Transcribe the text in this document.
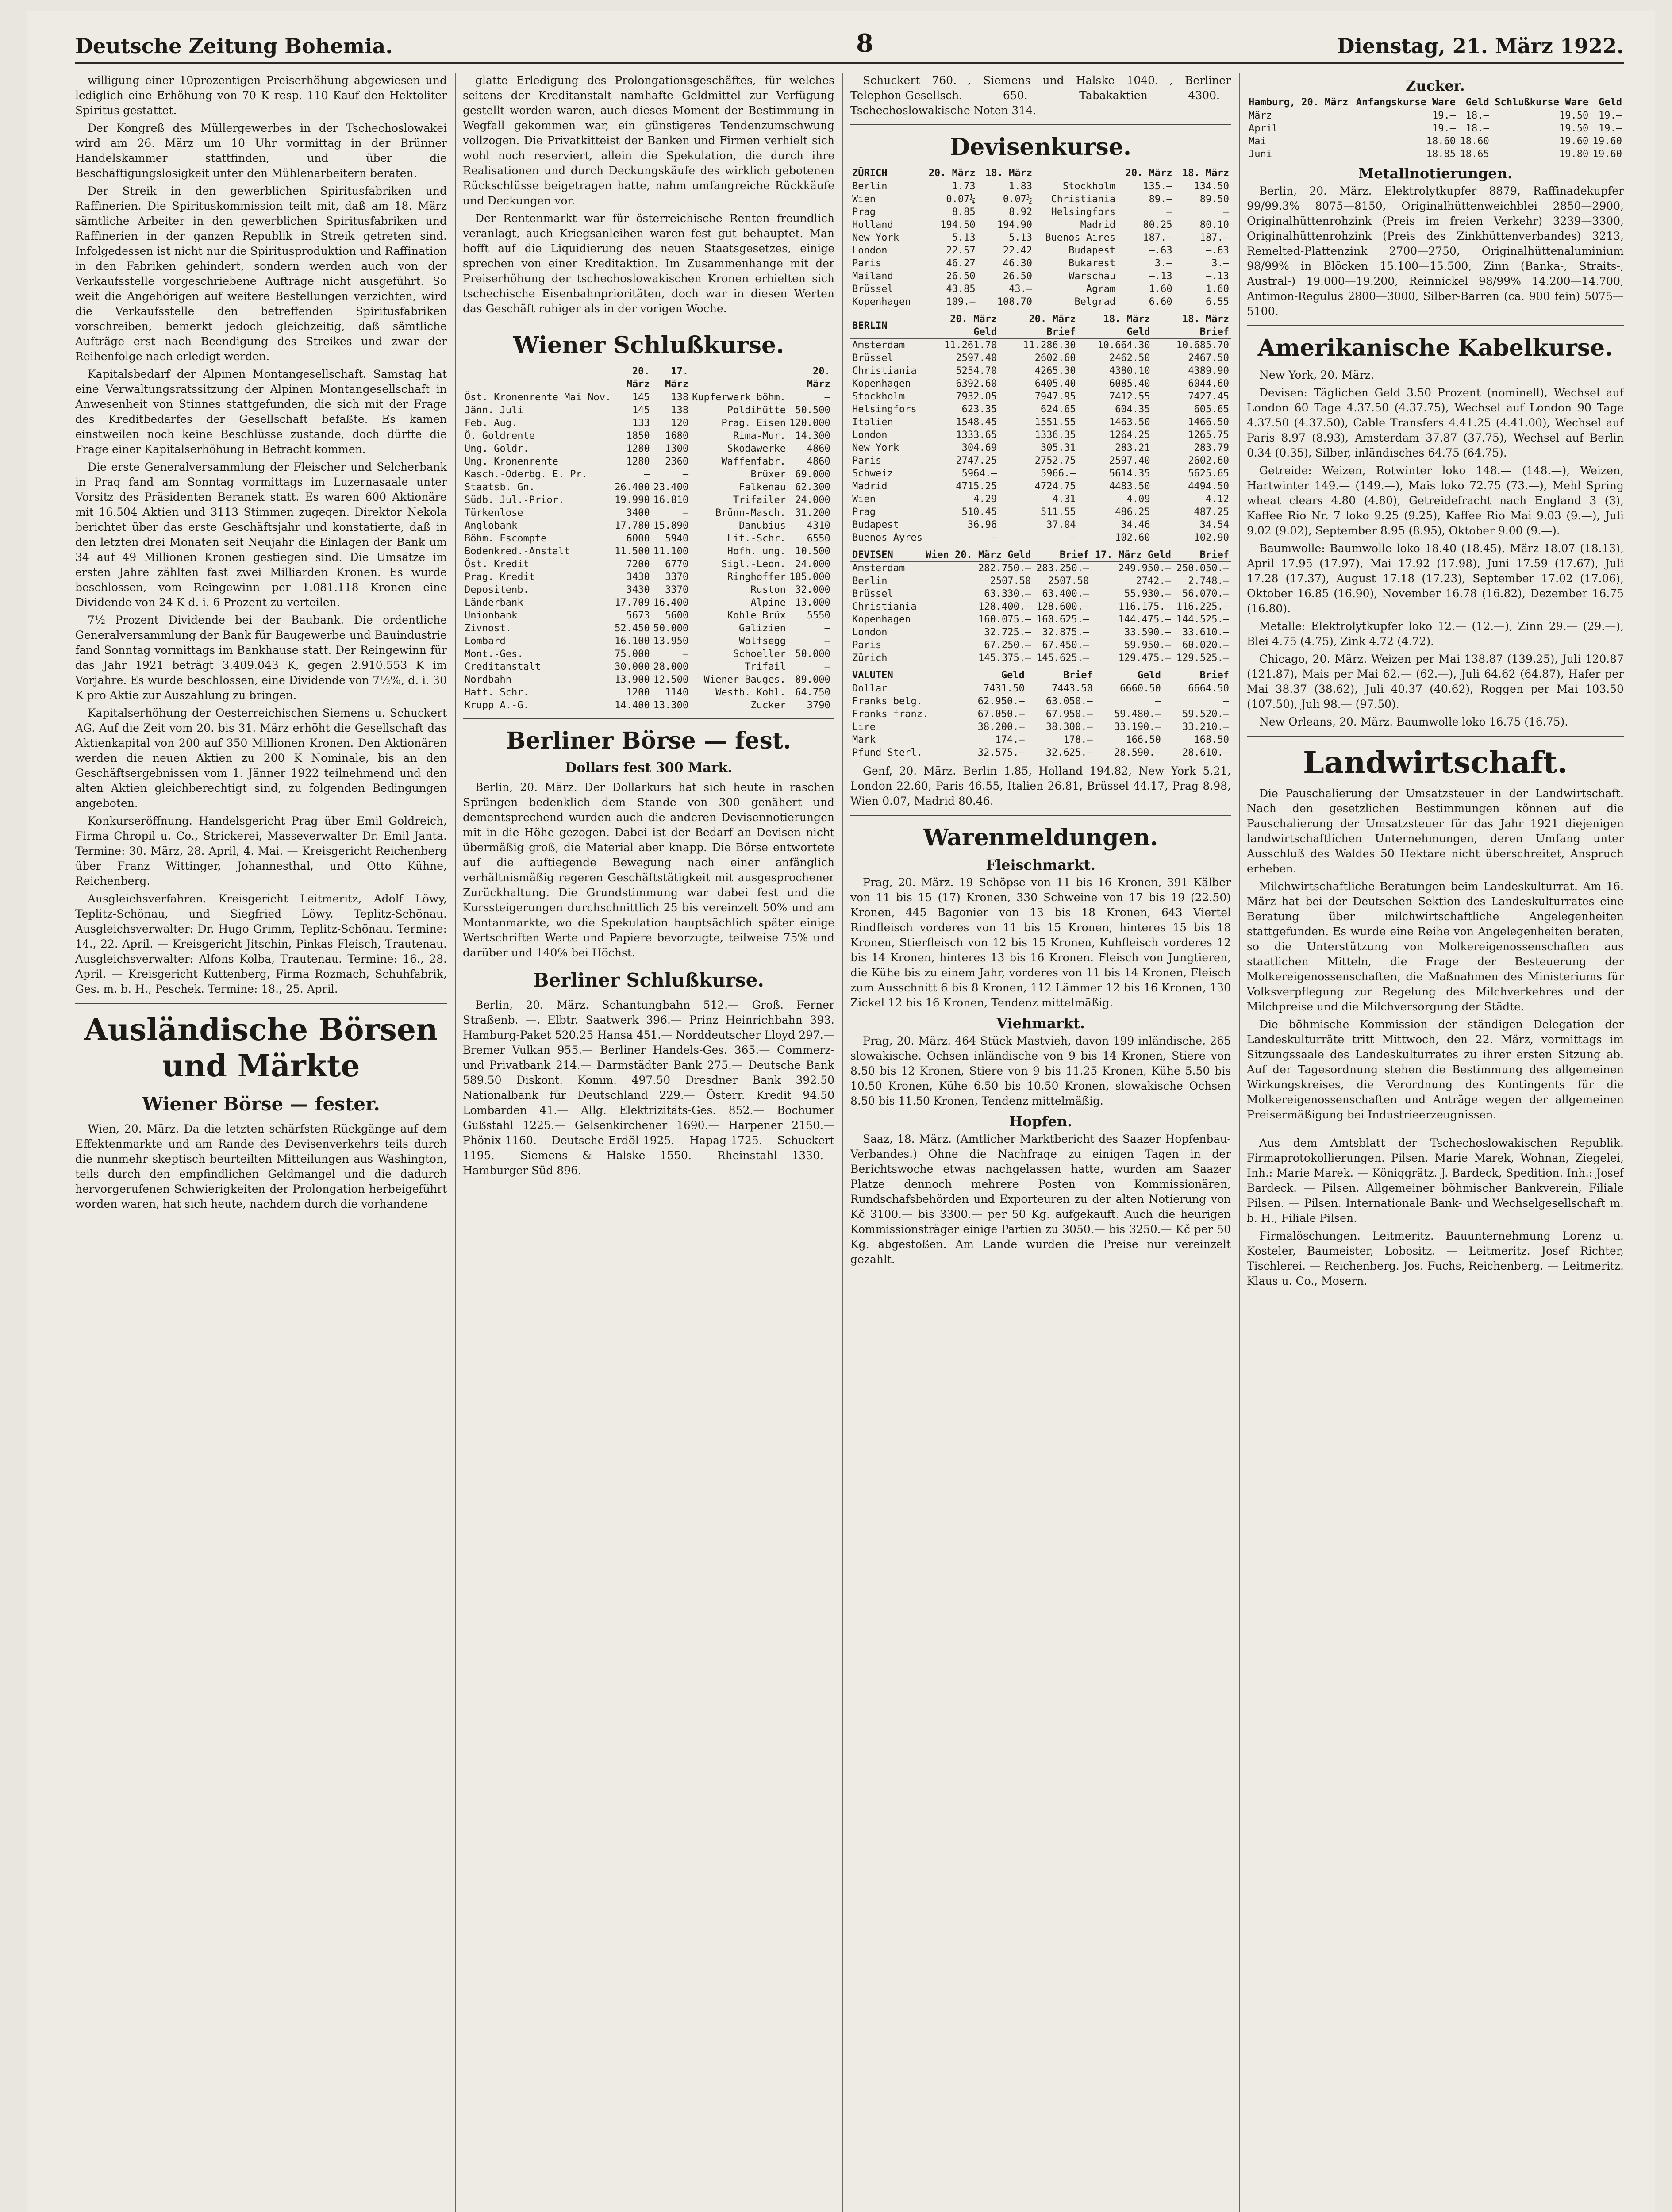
Deutsche Zeitung Bohemia.	8	Dienstag, 21. März 1922.

willigung einer 10prozentigen Preiserhöhung abgewiesen und lediglich eine Erhöhung von 70 K resp. 110 Kauf den Hektoliter Spiritus gestattet.

Der Kongreß des Müllergewerbes in der Tschechoslowakei wird am 26. März um 10 Uhr vormittag in der Brünner Handelskammer stattfinden, und über die Beschäftigungslosigkeit unter den Mühlenarbeitern beraten.

Der Streik in den gewerblichen Spiritusfabriken und Raffinerien. Die Spirituskommission teilt mit, daß am 18. März sämtliche Arbeiter in den gewerblichen Spiritusfabriken und Raffinerien in der ganzen Republik in Streik getreten sind. Infolgedessen ist nicht nur die Spiritusproduktion und Raffination in den Fabriken gehindert, sondern werden auch von der Verkaufsstelle vorgeschriebene Aufträge nicht ausgeführt. So weit die Angehörigen auf weitere Bestellungen verzichten, wird die Verkaufsstelle den betreffenden Spiritusfabriken vorschreiben, bemerkt jedoch gleichzeitig, daß sämtliche Aufträge erst nach Beendigung des Streikes und zwar der Reihenfolge nach erledigt werden.

Kapitalsbedarf der Alpinen Montangesellschaft. Samstag hat eine Verwaltungsratssitzung der Alpinen Montangesellschaft in Anwesenheit von Stinnes stattgefunden, die sich mit der Frage des Kreditbedarfes der Gesellschaft befaßte. Es kamen einstweilen noch keine Beschlüsse zustande, doch dürfte die Frage einer Kapitalserhöhung in Betracht kommen.

Die erste Generalversammlung der Fleischer und Selcherbank in Prag fand am Sonntag vormittags im Luzernasaale unter Vorsitz des Präsidenten Beranek statt. Es waren 600 Aktionäre mit 16.504 Aktien und 3113 Stimmen zugegen. Direktor Nekola berichtet über das erste Geschäftsjahr und konstatierte, daß in den letzten drei Monaten seit Neujahr die Einlagen der Bank um 34 auf 49 Millionen Kronen gestiegen sind. Die Umsätze im ersten Jahre zählten fast zwei Milliarden Kronen. Es wurde beschlossen, vom Reingewinn per 1.081.118 Kronen eine Dividende von 24 K d. i. 6 Prozent zu verteilen.

7½ Prozent Dividende bei der Baubank. Die ordentliche Generalversammlung der Bank für Baugewerbe und Bauindustrie fand Sonntag vormittags im Bankhause statt. Der Reingewinn für das Jahr 1921 beträgt 3.409.043 K, gegen 2.910.553 K im Vorjahre. Es wurde beschlossen, eine Dividende von 7½%, d. i. 30 K pro Aktie zur Auszahlung zu bringen.

Kapitalserhöhung der Oesterreichischen Siemens u. Schuckert AG. Auf die Zeit vom 20. bis 31. März erhöht die Gesellschaft das Aktienkapital von 200 auf 350 Millionen Kronen. Den Aktionären werden die neuen Aktien zu 200 K Nominale, bis an den Geschäftsergebnissen vom 1. Jänner 1922 teilnehmend und den alten Aktien gleichberechtigt sind, zu folgenden Bedingungen angeboten.

Konkurseröffnung. Handelsgericht Prag über Emil Goldreich, Firma Chropil u. Co., Strickerei, Masseverwalter Dr. Emil Janta. Termine: 30. März, 28. April, 4. Mai. — Kreisgericht Reichenberg über Franz Wittinger, Johannesthal, und Otto Kühne, Reichenberg.

Ausgleichsverfahren. Kreisgericht Leitmeritz, Adolf Löwy, Teplitz-Schönau, und Siegfried Löwy, Teplitz-Schönau. Ausgleichsverwalter: Dr. Hugo Grimm, Teplitz-Schönau. Termine: 14., 22. April. — Kreisgericht Jitschin, Pinkas Fleisch, Trautenau. Ausgleichsverwalter: Alfons Kolba, Trautenau. Termine: 16., 28. April. — Kreisgericht Kuttenberg, Firma Rozmach, Schuhfabrik, Ges. m. b. H., Peschek. Termine: 18., 25. April.

Ausländische Börsen und Märkte
Wiener Börse — fester.

Wien, 20. März. Da die letzten schärfsten Rückgänge auf dem Effektenmarkte und am Rande des Devisenverkehrs teils durch die nunmehr skeptisch beurteilten Mitteilungen aus Washington, teils durch den empfindlichen Geldmangel und die dadurch hervorgerufenen Schwierigkeiten der Prolongation herbeigeführt worden waren, hat sich heute, nachdem durch die vorhandene

glatte Erledigung des Prolongationsgeschäftes, für welches seitens der Kreditanstalt namhafte Geldmittel zur Verfügung gestellt worden waren, auch dieses Moment der Bestimmung in Wegfall gekommen war, ein günstigeres Tendenzumschwung vollzogen. Die Privatkitteist der Banken und Firmen verhielt sich wohl noch reserviert, allein die Spekulation, die durch ihre Realisationen und durch Deckungskäufe des wirklich gebotenen Rückschlüsse beigetragen hatte, nahm umfangreiche Rückkäufe und Deckungen vor.

Der Rentenmarkt war für österreichische Renten freundlich veranlagt, auch Kriegsanleihen waren fest gut behauptet. Man hofft auf die Liquidierung des neuen Staatsgesetzes, einige sprechen von einer Kreditaktion. Im Zusammenhange mit der Preiserhöhung der tschechoslowakischen Kronen erhielten sich tschechische Eisenbahnprioritäten, doch war in diesen Werten das Geschäft ruhiger als in der vorigen Woche.

Wiener Schlußkurse.
	20. März	17. März		20. März	
Öst. Kronenrente Mai Nov.	145	138	Kupferwerk böhm.	—	
Jänn. Juli	145	138	Poldihütte	50.500	
Feb. Aug.	133	120	Prag. Eisen	120.000	
Ö. Goldrente	1850	1680	Rima-Mur.	14.300	
Ung. Goldr.	1280	1300	Skodawerke	4860	
Ung. Kronenrente	1280	2360	Waffenfabr.	4860	
Kasch.-Oderbg. E. Pr.	—	—	Brüxer	69.000	
Staatsb. Gn.	26.400	23.400	Falkenau	62.300	
Südb. Jul.-Prior.	19.990	16.810	Trifailer	24.000	
Türkenlose	3400	—	Brünn-Masch.	31.200	
Anglobank	17.780	15.890	Danubius	4310	
Böhm. Escompte	6000	5940	Lit.-Schr.	6550	
Bodenkred.-Anstalt	11.500	11.100	Hofh. ung.	10.500	
Öst. Kredit	7200	6770	Sigl.-Leon.	24.000	
Prag. Kredit	3430	3370	Ringhoffer	185.000	
Depositenb.	3430	3370	Ruston	32.000	
Länderbank	17.709	16.400	Alpine	13.000	
Unionbank	5673	5600	Kohle Brüx	5550	
Zivnost.	52.450	50.000	Galizien	—	
Lombard	16.100	13.950	Wolfsegg	—	
Mont.-Ges.	75.000	—	Schoeller	50.000	
Creditanstalt	30.000	28.000	Trifail	—	
Nordbahn	13.900	12.500	Wiener Bauges.	89.000	
Hatt. Schr.	1200	1140	Westb. Kohl.	64.750	
Krupp A.-G.	14.400	13.300	Zucker	3790	
Berliner Börse — fest.
Dollars fest 300 Mark.

Berlin, 20. März. Der Dollarkurs hat sich heute in raschen Sprüngen bedenklich dem Stande von 300 genähert und dementsprechend wurden auch die anderen Devisennotierungen mit in die Höhe gezogen. Dabei ist der Bedarf an Devisen nicht übermäßig groß, die Material aber knapp. Die Börse entwortete auf die auftiegende Bewegung nach einer anfänglich verhältnismäßig regeren Geschäftstätigkeit mit ausgesprochener Zurückhaltung. Die Grundstimmung war dabei fest und die Kurssteigerungen durchschnittlich 25 bis vereinzelt 50% und am Montanmarkte, wo die Spekulation hauptsächlich später einige Wertschriften Werte und Papiere bevorzugte, teilweise 75% und darüber und 140% bei Höchst.

Berliner Schlußkurse.

Berlin, 20. März. Schantungbahn 512.— Groß. Ferner Straßenb. —. Elbtr. Saatwerk 396.— Prinz Heinrichbahn 393. Hamburg-Paket 520.25 Hansa 451.— Norddeutscher Lloyd 297.— Bremer Vulkan 955.— Berliner Handels-Ges. 365.— Commerz- und Privatbank 214.— Darmstädter Bank 275.— Deutsche Bank 589.50 Diskont. Komm. 497.50 Dresdner Bank 392.50 Nationalbank für Deutschland 229.— Österr. Kredit 94.50 Lombarden 41.— Allg. Elektrizitäts-Ges. 852.— Bochumer Gußstahl 1225.— Gelsenkirchener 1690.— Harpener 2150.— Phönix 1160.— Deutsche Erdöl 1925.— Hapag 1725.— Schuckert 1195.— Siemens & Halske 1550.— Rheinstahl 1330.— Hamburger Süd 896.—

Schuckert 760.—, Siemens und Halske 1040.—, Berliner Telephon-Gesellsch. 650.— Tabakaktien 4300.— Tschechoslowakische Noten 314.—

Devisenkurse.
ZÜRICH	20. März	18. März		20. März	18. März
Berlin	1.73	1.83	Stockholm	135.—	134.50
Wien	0.07¼	0.07½	Christiania	89.—	89.50
Prag	8.85	8.92	Helsingfors	—	—
Holland	194.50	194.90	Madrid	80.25	80.10
New York	5.13	5.13	Buenos Aires	187.—	187.—
London	22.57	22.42	Budapest	—.63	—.63
Paris	46.27	46.30	Bukarest	3.—	3.—
Mailand	26.50	26.50	Warschau	—.13	—.13
Brüssel	43.85	43.—	Agram	1.60	1.60
Kopenhagen	109.—	108.70	Belgrad	6.60	6.55
BERLIN	20. März Geld	20. März Brief	18. März Geld	18. März Brief
Amsterdam	11.261.70	11.286.30	10.664.30	10.685.70
Brüssel	2597.40	2602.60	2462.50	2467.50
Christiania	5254.70	4265.30	4380.10	4389.90
Kopenhagen	6392.60	6405.40	6085.40	6044.60
Stockholm	7932.05	7947.95	7412.55	7427.45
Helsingfors	623.35	624.65	604.35	605.65
Italien	1548.45	1551.55	1463.50	1466.50
London	1333.65	1336.35	1264.25	1265.75
New York	304.69	305.31	283.21	283.79
Paris	2747.25	2752.75	2597.40	2602.60
Schweiz	5964.—	5966.—	5614.35	5625.65
Madrid	4715.25	4724.75	4483.50	4494.50
Wien	4.29	4.31	4.09	4.12
Prag	510.45	511.55	486.25	487.25
Budapest	36.96	37.04	34.46	34.54
Buenos Ayres	—	—	102.60	102.90
DEVISEN	Wien 20. März Geld	Brief	17. März Geld	Brief
Amsterdam	282.750.—	283.250.—	249.950.—	250.050.—
Berlin	2507.50	2507.50	2742.—	2.748.—
Brüssel	63.330.—	63.400.—	55.930.—	56.070.—
Christiania	128.400.—	128.600.—	116.175.—	116.225.—
Kopenhagen	160.075.—	160.625.—	144.475.—	144.525.—
London	32.725.—	32.875.—	33.590.—	33.610.—
Paris	67.250.—	67.450.—	59.950.—	60.020.—
Zürich	145.375.—	145.625.—	129.475.—	129.525.—
VALUTEN	Geld	Brief	Geld	Brief
Dollar	7431.50	7443.50	6660.50	6664.50
Franks belg.	62.950.—	63.050.—	—	—
Franks franz.	67.050.—	67.950.—	59.480.—	59.520.—
Lire	38.200.—	38.300.—	33.190.—	33.210.—
Mark	174.—	178.—	166.50	168.50
Pfund Sterl.	32.575.—	32.625.—	28.590.—	28.610.—

Genf, 20. März. Berlin 1.85, Holland 194.82, New York 5.21, London 22.60, Paris 46.55, Italien 26.81, Brüssel 44.17, Prag 8.98, Wien 0.07, Madrid 80.46.

Warenmeldungen.
Fleischmarkt.

Prag, 20. März. 19 Schöpse von 11 bis 16 Kronen, 391 Kälber von 11 bis 15 (17) Kronen, 330 Schweine von 17 bis 19 (22.50) Kronen, 445 Bagonier von 13 bis 18 Kronen, 643 Viertel Rindfleisch vorderes von 11 bis 15 Kronen, hinteres 15 bis 18 Kronen, Stierfleisch von 12 bis 15 Kronen, Kuhfleisch vorderes 12 bis 14 Kronen, hinteres 13 bis 16 Kronen. Fleisch von Jungtieren, die Kühe bis zu einem Jahr, vorderes von 11 bis 14 Kronen, Fleisch zum Ausschnitt 6 bis 8 Kronen, 112 Lämmer 12 bis 16 Kronen, 130 Zickel 12 bis 16 Kronen, Tendenz mittelmäßig.

Viehmarkt.

Prag, 20. März. 464 Stück Mastvieh, davon 199 inländische, 265 slowakische. Ochsen inländische von 9 bis 14 Kronen, Stiere von 8.50 bis 12 Kronen, Stiere von 9 bis 11.25 Kronen, Kühe 5.50 bis 10.50 Kronen, Kühe 6.50 bis 10.50 Kronen, slowakische Ochsen 8.50 bis 11.50 Kronen, Tendenz mittelmäßig.

Hopfen.

Saaz, 18. März. (Amtlicher Marktbericht des Saazer Hopfenbau-Verbandes.) Ohne die Nachfrage zu einigen Tagen in der Berichtswoche etwas nachgelassen hatte, wurden am Saazer Platze dennoch mehrere Posten von Kommissionären, Rundschafsbehörden und Exporteuren zu der alten Notierung von Kč 3100.— bis 3300.— per 50 Kg. aufgekauft. Auch die heurigen Kommissionsträger einige Partien zu 3050.— bis 3250.— Kč per 50 Kg. abgestoßen. Am Lande wurden die Preise nur vereinzelt gezahlt.

Zucker.
Hamburg, 20. März	Anfangskurse Ware	Geld	Schlußkurse Ware	Geld
März	19.—	18.—	19.50	19.—
April	19.—	18.—	19.50	19.—
Mai	18.60	18.60	19.60	19.60
Juni	18.85	18.65	19.80	19.60
Metallnotierungen.

Berlin, 20. März. Elektrolytkupfer 8879, Raffinadekupfer 99/99.3% 8075—8150, Originalhüttenweichblei 2850—2900, Originalhüttenrohzink (Preis im freien Verkehr) 3239—3300, Originalhüttenrohzink (Preis des Zinkhüttenverbandes) 3213, Remelted-Plattenzink 2700—2750, Originalhüttenaluminium 98/99% in Blöcken 15.100—15.500, Zinn (Banka-, Straits-, Austral-) 19.000—19.200, Reinnickel 98/99% 14.200—14.700, Antimon-Regulus 2800—3000, Silber-Barren (ca. 900 fein) 5075—5100.

Amerikanische Kabelkurse.

New York, 20. März.

Devisen: Täglichen Geld 3.50 Prozent (nominell), Wechsel auf London 60 Tage 4.37.50 (4.37.75), Wechsel auf London 90 Tage 4.37.50 (4.37.50), Cable Transfers 4.41.25 (4.41.00), Wechsel auf Paris 8.97 (8.93), Amsterdam 37.87 (37.75), Wechsel auf Berlin 0.34 (0.35), Silber, inländisches 64.75 (64.75).

Getreide: Weizen, Rotwinter loko 148.— (148.—), Weizen, Hartwinter 149.— (149.—), Mais loko 72.75 (73.—), Mehl Spring wheat clears 4.80 (4.80), Getreidefracht nach England 3 (3), Kaffee Rio Nr. 7 loko 9.25 (9.25), Kaffee Rio Mai 9.03 (9.—), Juli 9.02 (9.02), September 8.95 (8.95), Oktober 9.00 (9.—).

Baumwolle: Baumwolle loko 18.40 (18.45), März 18.07 (18.13), April 17.95 (17.97), Mai 17.92 (17.98), Juni 17.59 (17.67), Juli 17.28 (17.37), August 17.18 (17.23), September 17.02 (17.06), Oktober 16.85 (16.90), November 16.78 (16.82), Dezember 16.75 (16.80).

Metalle: Elektrolytkupfer loko 12.— (12.—), Zinn 29.— (29.—), Blei 4.75 (4.75), Zink 4.72 (4.72).

Chicago, 20. März. Weizen per Mai 138.87 (139.25), Juli 120.87 (121.87), Mais per Mai 62.— (62.—), Juli 64.62 (64.87), Hafer per Mai 38.37 (38.62), Juli 40.37 (40.62), Roggen per Mai 103.50 (107.50), Juli 98.— (97.50).

New Orleans, 20. März. Baumwolle loko 16.75 (16.75).

Landwirtschaft.

Die Pauschalierung der Umsatzsteuer in der Landwirtschaft. Nach den gesetzlichen Bestimmungen können auf die Pauschalierung der Umsatzsteuer für das Jahr 1921 diejenigen landwirtschaftlichen Unternehmungen, deren Umfang unter Ausschluß des Waldes 50 Hektare nicht überschreitet, Anspruch erheben.

Milchwirtschaftliche Beratungen beim Landeskulturrat. Am 16. März hat bei der Deutschen Sektion des Landeskulturrates eine Beratung über milchwirtschaftliche Angelegenheiten stattgefunden. Es wurde eine Reihe von Angelegenheiten beraten, so die Unterstützung von Molkereigenossenschaften aus staatlichen Mitteln, die Frage der Besteuerung der Molkereigenossenschaften, die Maßnahmen des Ministeriums für Volksverpflegung zur Regelung des Milchverkehres und der Milchpreise und die Milchversorgung der Städte.

Die böhmische Kommission der ständigen Delegation der Landeskulturräte tritt Mittwoch, den 22. März, vormittags im Sitzungssaale des Landeskulturrates zu ihrer ersten Sitzung ab. Auf der Tagesordnung stehen die Bestimmung des allgemeinen Wirkungskreises, die Verordnung des Kontingents für die Molkereigenossenschaften und Anträge wegen der allgemeinen Preisermäßigung bei Industrieerzeugnissen.

Aus dem Amtsblatt der Tschechoslowakischen Republik. Firmaprotokollierungen. Pilsen. Marie Marek, Wohnan, Ziegelei, Inh.: Marie Marek. — Königgrätz. J. Bardeck, Spedition. Inh.: Josef Bardeck. — Pilsen. Allgemeiner böhmischer Bankverein, Filiale Pilsen. — Pilsen. Internationale Bank- und Wechselgesellschaft m. b. H., Filiale Pilsen.

Firmalöschungen. Leitmeritz. Bauunternehmung Lorenz u. Kosteler, Baumeister, Lobositz. — Leitmeritz. Josef Richter, Tischlerei. — Reichenberg. Jos. Fuchs, Reichenberg. — Leitmeritz. Klaus u. Co., Mosern.
